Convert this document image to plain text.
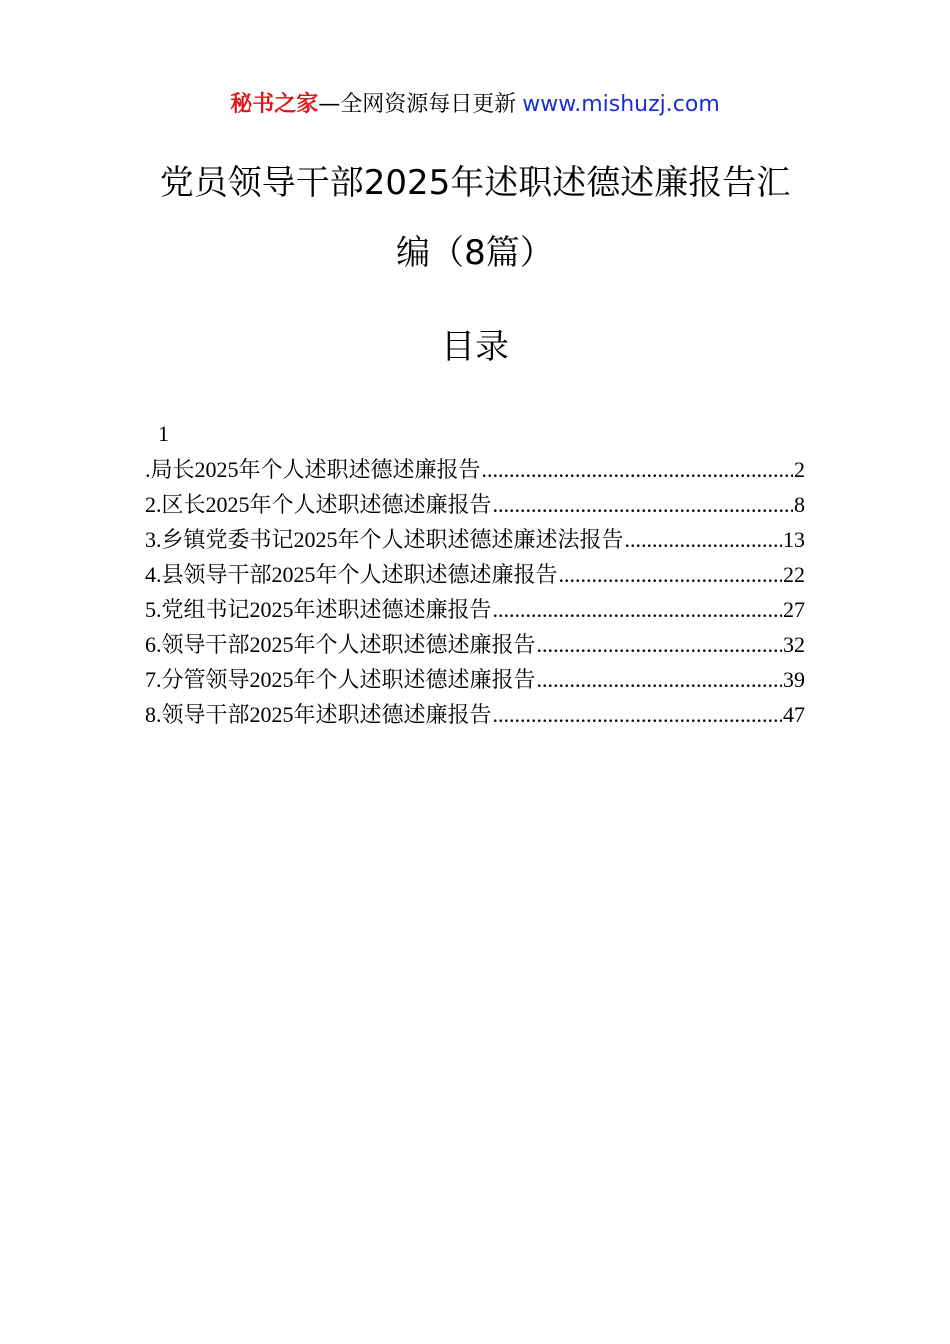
秘书之家—全网资源每日更新 www.mishuzj.com
党员领导干部2025年述职述德述廉报告汇
编（8篇）
目录
1
.局长2025年个人述职述德述廉报告 .....	2
2.区长2025年个人述职述德述廉报告 .....	8
3.乡镇党委书记2025年个人述职述德述廉述法报告 .....	13
4.县领导干部2025年个人述职述德述廉报告 .....	22
5.党组书记2025年述职述德述廉报告 .....	27
6.领导干部2025年个人述职述德述廉报告 .....	32
7.分管领导2025年个人述职述德述廉报告 .....	39
8.领导干部2025年述职述德述廉报告 .....	47
